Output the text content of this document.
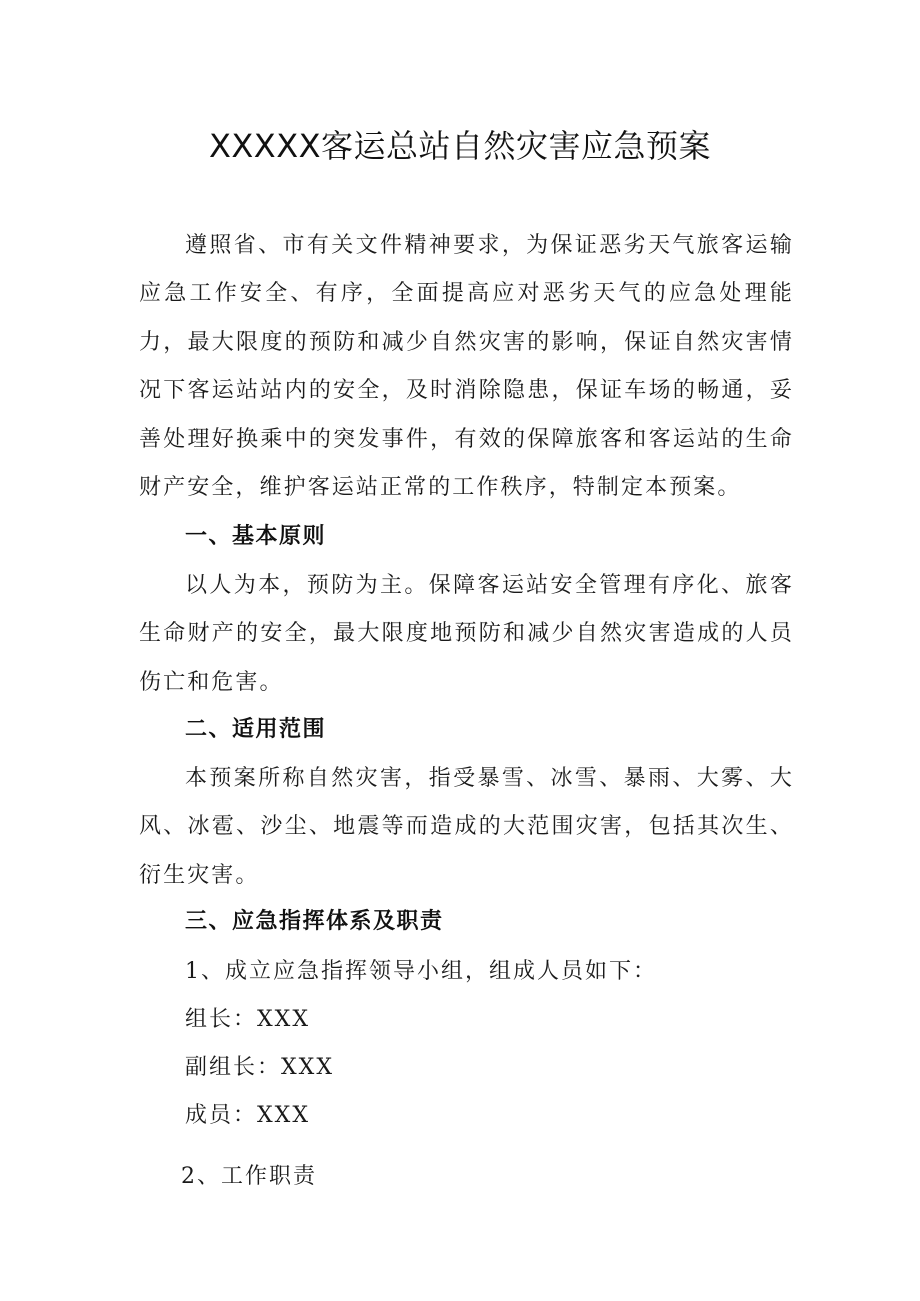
XXXXX客运总站自然灾害应急预案

遵照省、市有关文件精神要求，为保证恶劣天气旅客运输应急工作安全、有序，全面提高应对恶劣天气的应急处理能力，最大限度的预防和减少自然灾害的影响，保证自然灾害情况下客运站站内的安全，及时消除隐患，保证车场的畅通，妥善处理好换乘中的突发事件，有效的保障旅客和客运站的生命财产安全，维护客运站正常的工作秩序，特制定本预案。

一、基本原则

以人为本，预防为主。保障客运站安全管理有序化、旅客生命财产的安全，最大限度地预防和减少自然灾害造成的人员伤亡和危害。

二、适用范围

本预案所称自然灾害，指受暴雪、冰雪、暴雨、大雾、大风、冰雹、沙尘、地震等而造成的大范围灾害，包括其次生、衍生灾害。

三、应急指挥体系及职责

1、成立应急指挥领导小组，组成人员如下：

组长：XXX

副组长：XXX

成员：XXX

2、工作职责
